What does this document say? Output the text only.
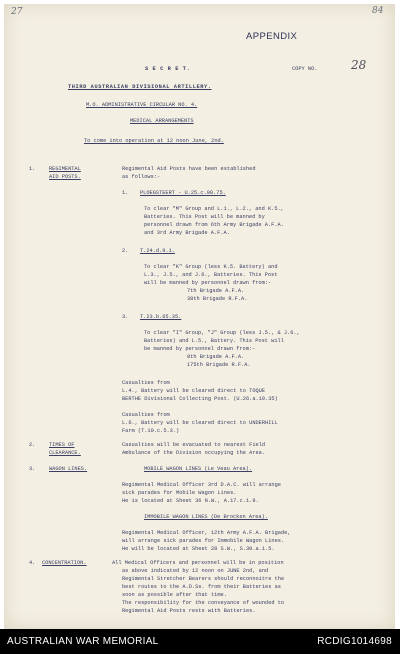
27	84
APPENDIX
S E C R E T.	COPY NO.	28
THIRD AUSTRALIAN DIVISIONAL ARTILLERY.
M.O. ADMINISTRATIVE CIRCULAR NO. 4.
MEDICAL ARRANGEMENTS
To come into operation at 12 noon June, 2nd.
1.	REGIMENTAL
AID POSTS.
Regimental Aid Posts have been established
as follows:-
1. PLOEGSTEERT - U.25.c.90.75.
To clear "M" Group and L.1., L.2., and K.5.,
Batteries. This Post will be manned by
personnel drawn from 6th Army Brigade A.F.A.
and 3rd Army Brigade A.F.A.
2. T.24.d.9.1.
To clear "K" Group (less K.5. Battery) and
L.3., J.5., and J.6., Batteries. This Post
will be manned by personnel drawn from:-
7th Brigade A.F.A.
38th Brigade R.F.A.
3. T.23.b.65.35.
To clear "I" Group, "J" Group (less J.5., & J.6.,
Batteries) and L.5., Battery. This Post will
be manned by personnel drawn from:-
8th Brigade A.F.A.
175th Brigade R.F.A.
Casualties from
L.4., Battery will be cleared direct to TOQUE
BERTHE Divisional Collecting Post. (U.26.a.10.35)
Casualties from
L.6., Battery will be cleared direct to UNDERHILL
Farm (T.10.c.5.3.)
2.	TIMES OF
CLEARANCE.
Casualties will be evacuated to nearest Field
Ambulance of the Division occupying the Area.
3.	WAGON LINES.	MOBILE WAGON LINES (Le Veau Area).
Regimental Medical Officer 3rd D.A.C. will arrange
sick parades for Mobile Wagon Lines.
He is located at Sheet 36 N.W., A.17.c.1.9.
IMMOBILE WAGON LINES (De Brocken Area).
Regimental Medical Officer, 12th Army A.F.A. Brigade,
will arrange sick parades for Immobile Wagon Lines.
He will be located at Sheet 28 S.W., S.30.a.1.5.
4. CONCENTRATION.	All Medical Officers and personnel will be in position
as above indicated by 12 noon on JUNE 2nd, and
Regimental Stretcher Bearers should reconnoitre the
best routes to the A.D.Ss. from their Batteries as
soon as possible after that time.
The responsibility for the conveyance of wounded to
Regimental Aid Posts rests with Batteries.
AUSTRALIAN WAR MEMORIAL	RCDIG1014698
